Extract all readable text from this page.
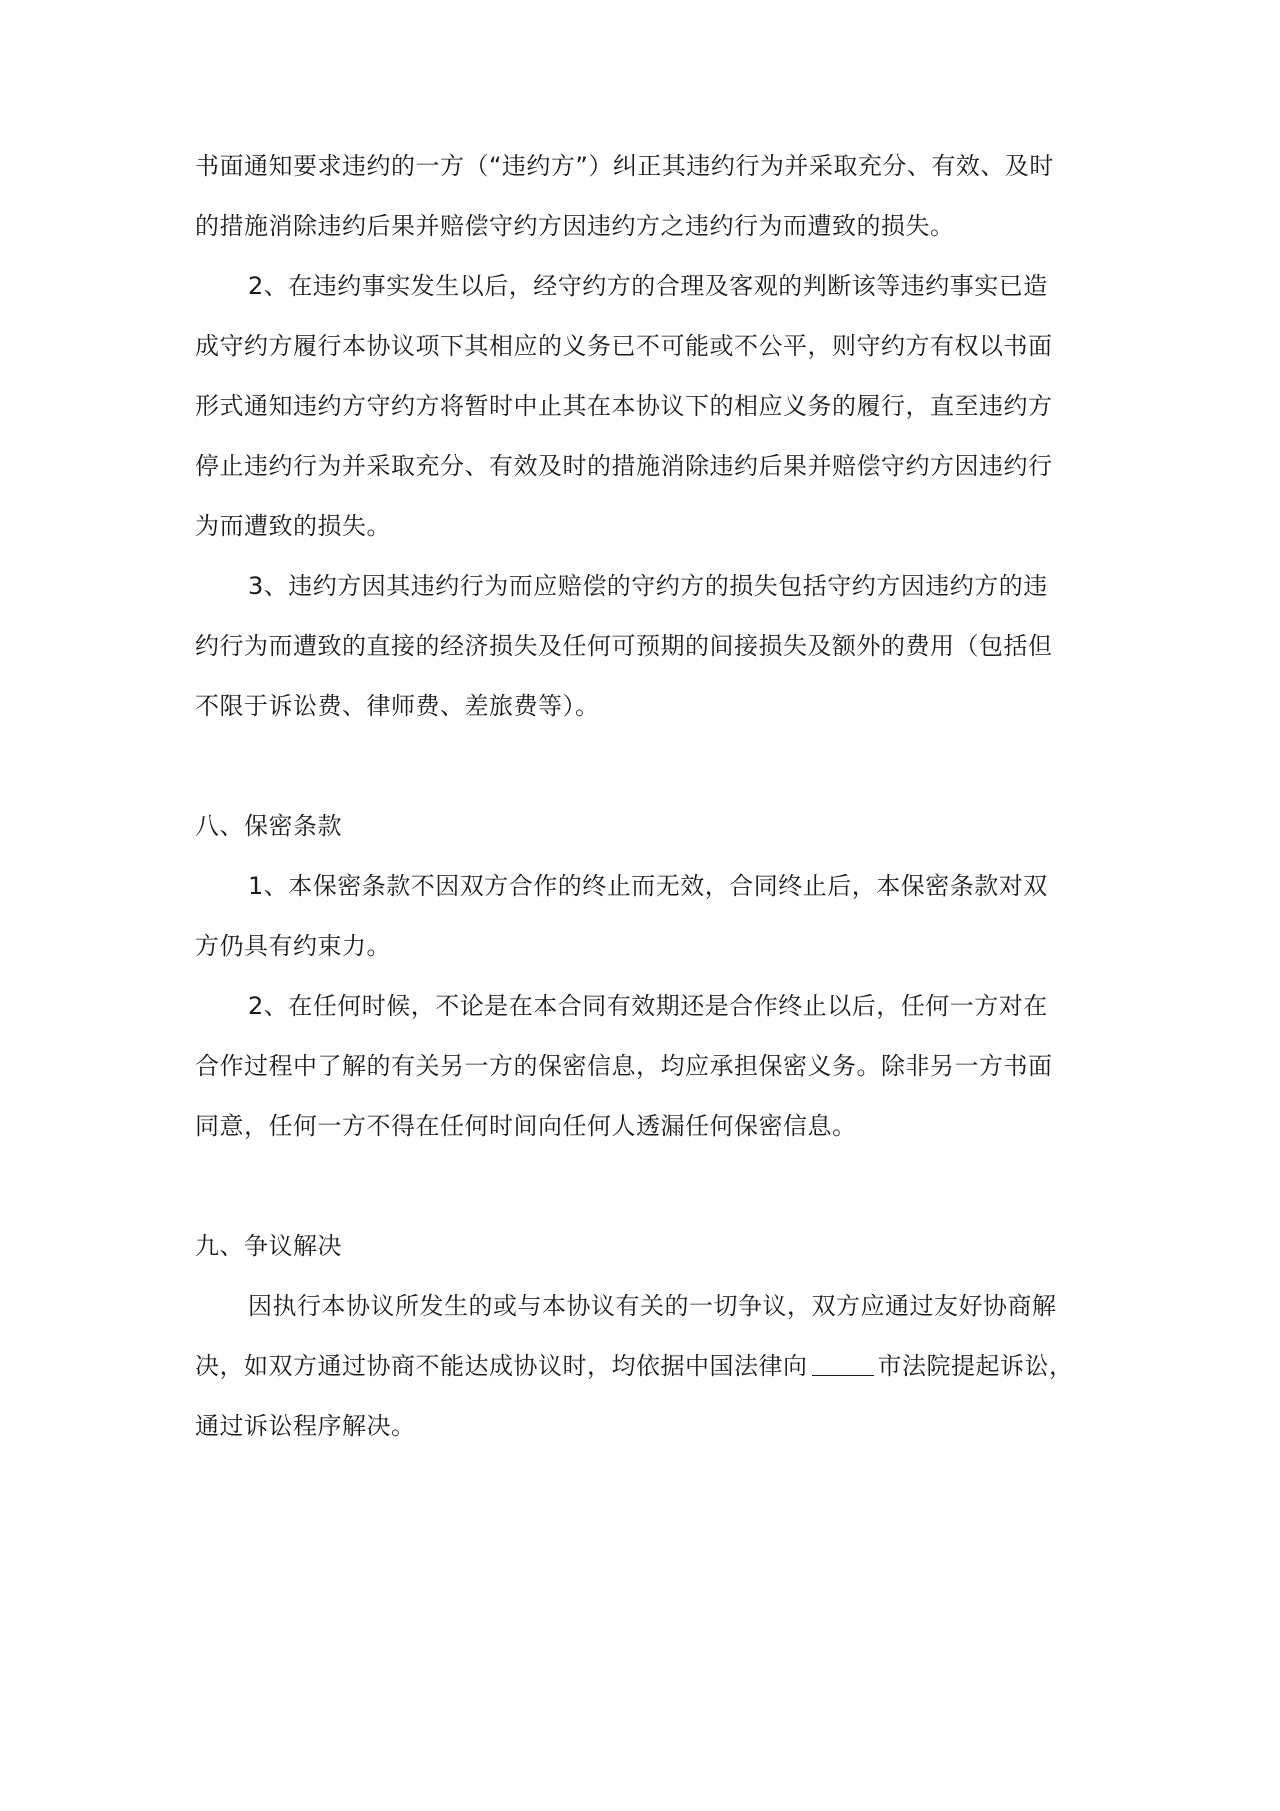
书面通知要求违约的一方（“违约方”）纠正其违约行为并采取充分、有效、及时
的措施消除违约后果并赔偿守约方因违约方之违约行为而遭致的损失。
2、在违约事实发生以后，经守约方的合理及客观的判断该等违约事实已造
成守约方履行本协议项下其相应的义务已不可能或不公平，则守约方有权以书面
形式通知违约方守约方将暂时中止其在本协议下的相应义务的履行，直至违约方
停止违约行为并采取充分、有效及时的措施消除违约后果并赔偿守约方因违约行
为而遭致的损失。
3、违约方因其违约行为而应赔偿的守约方的损失包括守约方因违约方的违
约行为而遭致的直接的经济损失及任何可预期的间接损失及额外的费用（包括但
不限于诉讼费、律师费、差旅费等）。
八、保密条款
1、本保密条款不因双方合作的终止而无效，合同终止后，本保密条款对双
方仍具有约束力。
2、在任何时候，不论是在本合同有效期还是合作终止以后，任何一方对在
合作过程中了解的有关另一方的保密信息，均应承担保密义务。除非另一方书面
同意，任何一方不得在任何时间向任何人透漏任何保密信息。
九、争议解决
因执行本协议所发生的或与本协议有关的一切争议，双方应通过友好协商解
决，如双方通过协商不能达成协议时，均依据中国法律向	市法院提起诉讼，
通过诉讼程序解决。
